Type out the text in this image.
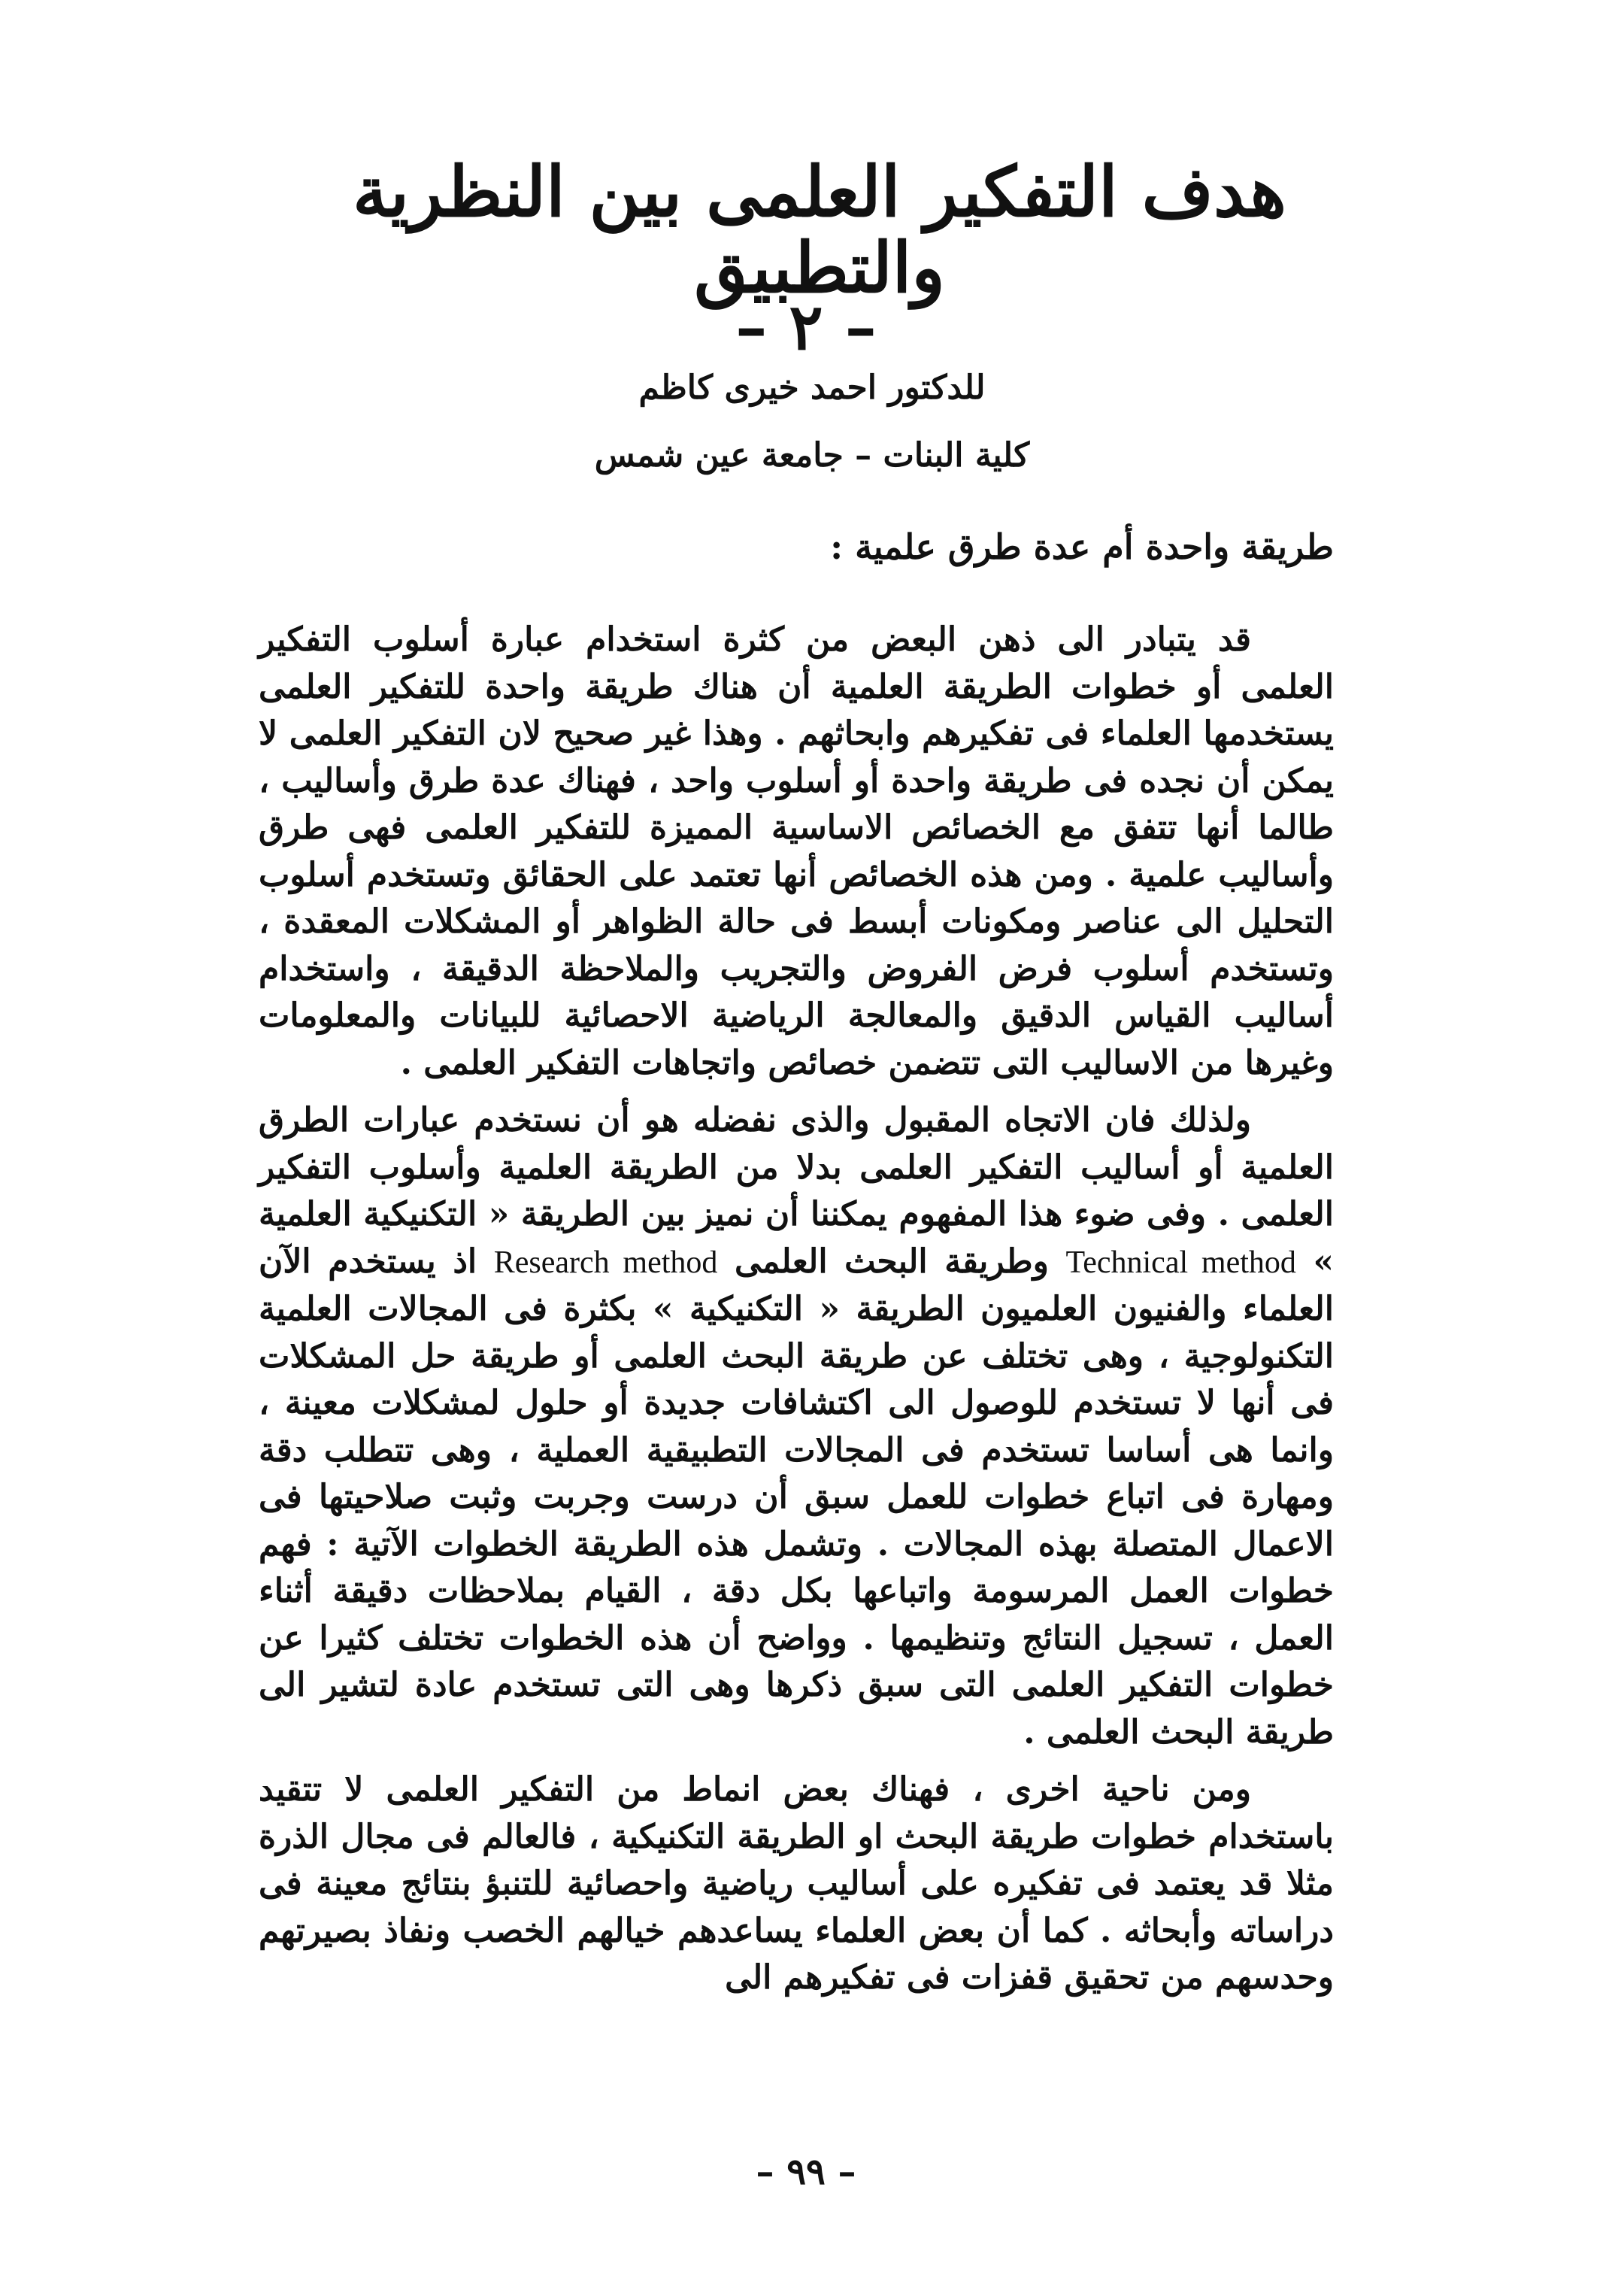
هدف التفكير العلمى بين النظرية والتطبيق
– ٢ –
للدكتور احمد خيرى كاظم
كلية البنات – جامعة عين شمس
طريقة واحدة أم عدة طرق علمية :

قد يتبادر الى ذهن البعض من كثرة استخدام عبارة أسلوب التفكير العلمى أو خطوات الطريقة العلمية أن هناك طريقة واحدة للتفكير العلمى يستخدمها العلماء فى تفكيرهم وابحاثهم . وهذا غير صحيح لان التفكير العلمى لا يمكن أن نجده فى طريقة واحدة أو أسلوب واحد ، فهناك عدة طرق وأساليب ، طالما أنها تتفق مع الخصائص الاساسية المميزة للتفكير العلمى فهى طرق وأساليب علمية . ومن هذه الخصائص أنها تعتمد على الحقائق وتستخدم أسلوب التحليل الى عناصر ومكونات أبسط فى حالة الظواهر أو المشكلات المعقدة ، وتستخدم أسلوب فرض الفروض والتجريب والملاحظة الدقيقة ، واستخدام أساليب القياس الدقيق والمعالجة الرياضية الاحصائية للبيانات والمعلومات وغيرها من الاساليب التى تتضمن خصائص واتجاهات التفكير العلمى .

ولذلك فان الاتجاه المقبول والذى نفضله هو أن نستخدم عبارات الطرق العلمية أو أساليب التفكير العلمى بدلا من الطريقة العلمية وأسلوب التفكير العلمى . وفى ضوء هذا المفهوم يمكننا أن نميز بين الطريقة « التكنيكية العلمية » Technical method وطريقة البحث العلمى Research method اذ يستخدم الآن العلماء والفنيون العلميون الطريقة « التكنيكية » بكثرة فى المجالات العلمية التكنولوجية ، وهى تختلف عن طريقة البحث العلمى أو طريقة حل المشكلات فى أنها لا تستخدم للوصول الى اكتشافات جديدة أو حلول لمشكلات معينة ، وانما هى أساسا تستخدم فى المجالات التطبيقية العملية ، وهى تتطلب دقة ومهارة فى اتباع خطوات للعمل سبق أن درست وجربت وثبت صلاحيتها فى الاعمال المتصلة بهذه المجالات . وتشمل هذه الطريقة الخطوات الآتية : فهم خطوات العمل المرسومة واتباعها بكل دقة ، القيام بملاحظات دقيقة أثناء العمل ، تسجيل النتائج وتنظيمها . وواضح أن هذه الخطوات تختلف كثيرا عن خطوات التفكير العلمى التى سبق ذكرها وهى التى تستخدم عادة لتشير الى طريقة البحث العلمى .

ومن ناحية اخرى ، فهناك بعض انماط من التفكير العلمى لا تتقيد باستخدام خطوات طريقة البحث او الطريقة التكنيكية ، فالعالم فى مجال الذرة مثلا قد يعتمد فى تفكيره على أساليب رياضية واحصائية للتنبؤ بنتائج معينة فى دراساته وأبحاثه . كما أن بعض العلماء يساعدهم خيالهم الخصب ونفاذ بصيرتهم وحدسهم من تحقيق قفزات فى تفكيرهم الى

– ٩٩ –
